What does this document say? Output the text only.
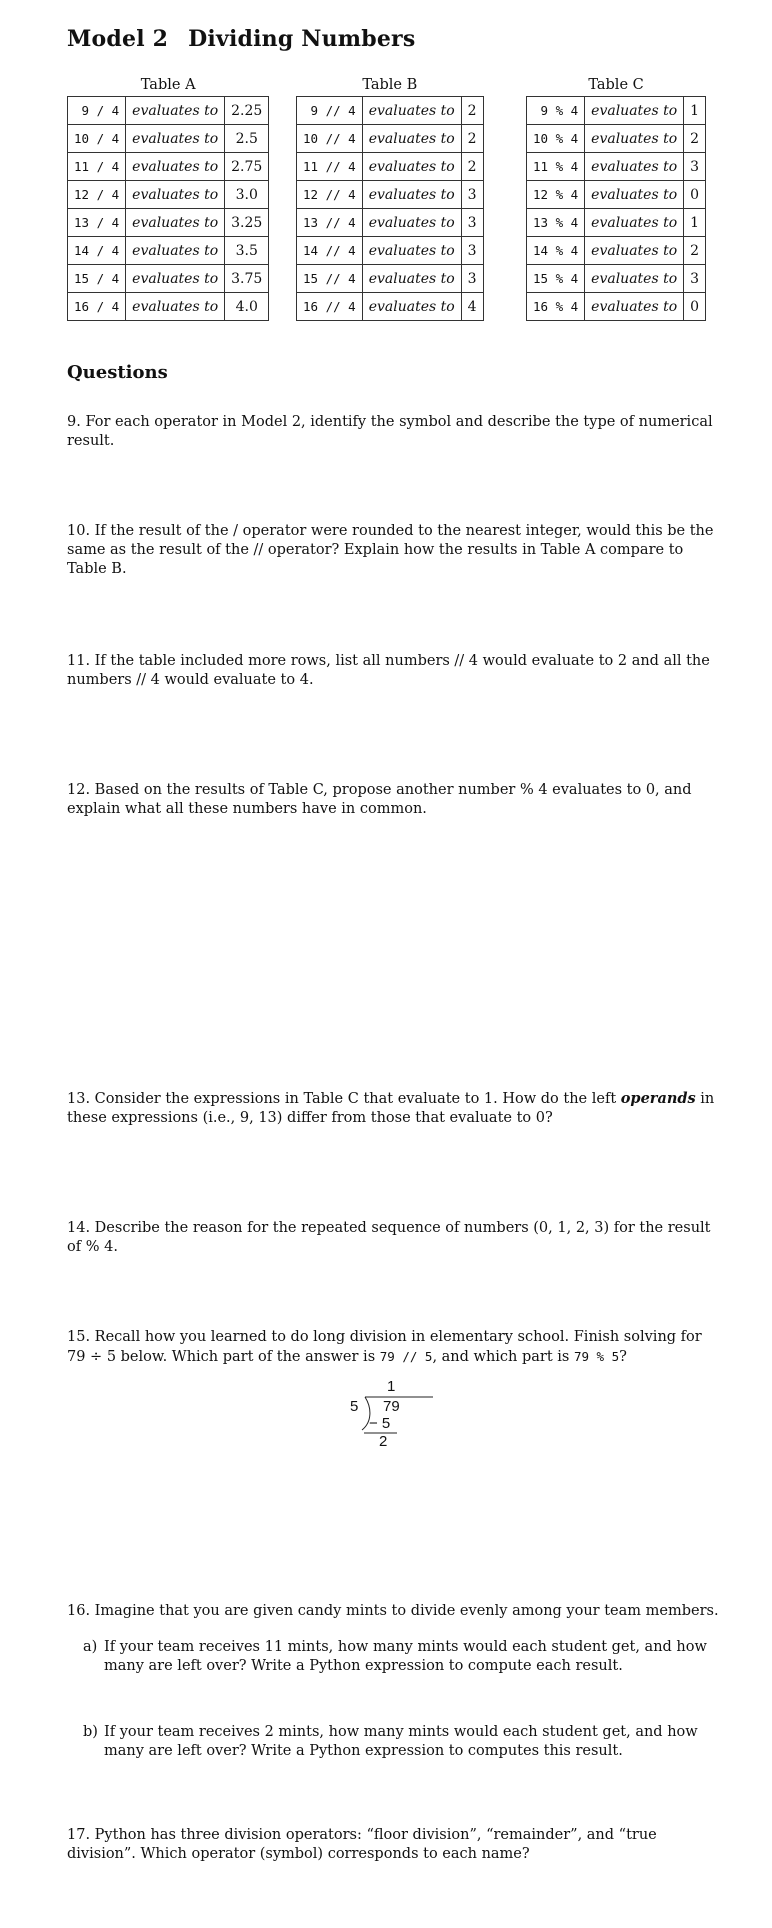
Model 2 Dividing Numbers
Table A
9 / 4	evaluates to	2.25
10 / 4	evaluates to	2.5
11 / 4	evaluates to	2.75
12 / 4	evaluates to	3.0
13 / 4	evaluates to	3.25
14 / 4	evaluates to	3.5
15 / 4	evaluates to	3.75
16 / 4	evaluates to	4.0
Table B
9 // 4	evaluates to	2
10 // 4	evaluates to	2
11 // 4	evaluates to	2
12 // 4	evaluates to	3
13 // 4	evaluates to	3
14 // 4	evaluates to	3
15 // 4	evaluates to	3
16 // 4	evaluates to	4
Table C
9 % 4	evaluates to	1
10 % 4	evaluates to	2
11 % 4	evaluates to	3
12 % 4	evaluates to	0
13 % 4	evaluates to	1
14 % 4	evaluates to	2
15 % 4	evaluates to	3
16 % 4	evaluates to	0
Questions
9. For each operator in Model 2, identify the symbol and describe the type of numerical result.
10. If the result of the / operator were rounded to the nearest integer, would this be the same as the result of the // operator? Explain how the results in Table A compare to Table B.
11. If the table included more rows, list all numbers // 4 would evaluate to 2 and all the numbers // 4 would evaluate to 4.
12. Based on the results of Table C, propose another number % 4 evaluates to 0, and explain what all these numbers have in common.
13. Consider the expressions in Table C that evaluate to 1. How do the left operands in these expressions (i.e., 9, 13) differ from those that evaluate to 0?
14. Describe the reason for the repeated sequence of numbers (0, 1, 2, 3) for the result of % 4.
15. Recall how you learned to do long division in elementary school. Finish solving for 79 ÷ 5 below. Which part of the answer is 79 // 5, and which part is 79 % 5?
1
5 79
− 5
2
16. Imagine that you are given candy mints to divide evenly among your team members.
a) If your team receives 11 mints, how many mints would each student get, and how many are left over? Write a Python expression to compute each result.
b) If your team receives 2 mints, how many mints would each student get, and how many are left over? Write a Python expression to computes this result.
17. Python has three division operators: “floor division”, “remainder”, and “true division”. Which operator (symbol) corresponds to each name?
